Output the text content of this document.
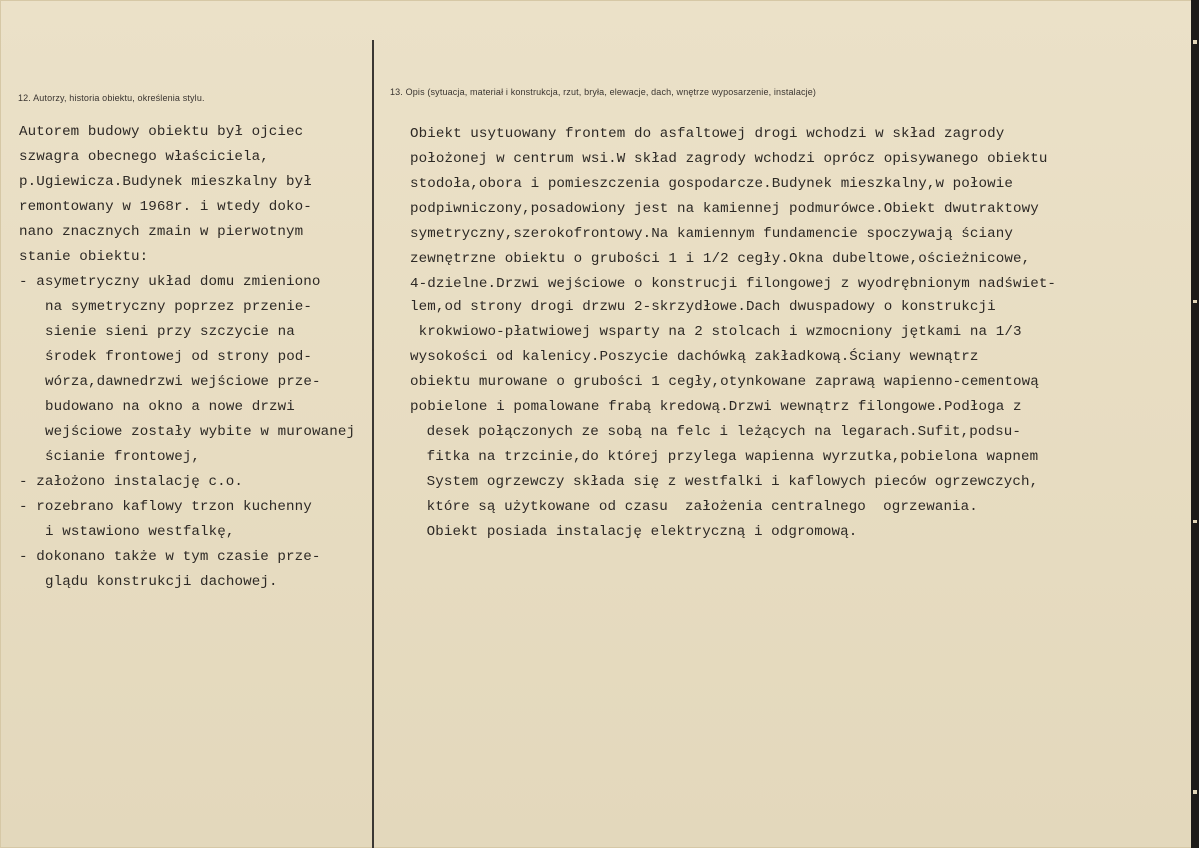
12. Autorzy, historia obiektu, określenia stylu.
13. Opis (sytuacja, materiał i konstrukcja, rzut, bryła, elewacje, dach, wnętrze wyposarzenie, instalacje)
Autorem budowy obiektu był ojciec
szwagra obecnego właściciela,
p.Ugiewicza.Budynek mieszkalny był
remontowany w 1968r. i wtedy doko-
nano znacznych zmain w pierwotnym
stanie obiektu:
- asymetryczny układ domu zmieniono
na symetryczny poprzez przenie-
sienie sieni przy szczycie na
środek frontowej od strony pod-
wórza,dawnedrzwi wejściowe prze-
budowano na okno a nowe drzwi
wejściowe zostały wybite w murowanej
ścianie frontowej,
- założono instalację c.o.
- rozebrano kaflowy trzon kuchenny
i wstawiono westfalkę,
- dokonano także w tym czasie prze-
glądu konstrukcji dachowej.
Obiekt usytuowany frontem do asfaltowej drogi wchodzi w skład zagrody
położonej w centrum wsi.W skład zagrody wchodzi oprócz opisywanego obiektu
stodoła,obora i pomieszczenia gospodarcze.Budynek mieszkalny,w połowie
podpiwniczony,posadowiony jest na kamiennej podmurówce.Obiekt dwutraktowy
symetryczny,szerokofrontowy.Na kamiennym fundamencie spoczywają ściany
zewnętrzne obiektu o grubości 1 i 1/2 cegły.Okna dubeltowe,ościeżnicowe,
4-dzielne.Drzwi wejściowe o konstrucji filongowej z wyodrębnionym nadświet-
lem,od strony drogi drzwu 2-skrzydłowe.Dach dwuspadowy o konstrukcji
krokwiowo-płatwiowej wsparty na 2 stolcach i wzmocniony jętkami na 1/3
wysokości od kalenicy.Poszycie dachówką zakładkową.Ściany wewnątrz
obiektu murowane o grubości 1 cegły,otynkowane zaprawą wapienno-cementową
pobielone i pomalowane frabą kredową.Drzwi wewnątrz filongowe.Podłoga z
desek połączonych ze sobą na felc i leżących na legarach.Sufit,podsu-
fitka na trzcinie,do której przylega wapienna wyrzutka,pobielona wapnem
System ogrzewczy składa się z westfalki i kaflowych pieców ogrzewczych,
które są użytkowane od czasu  założenia centralnego  ogrzewania.
Obiekt posiada instalację elektryczną i odgromową.
